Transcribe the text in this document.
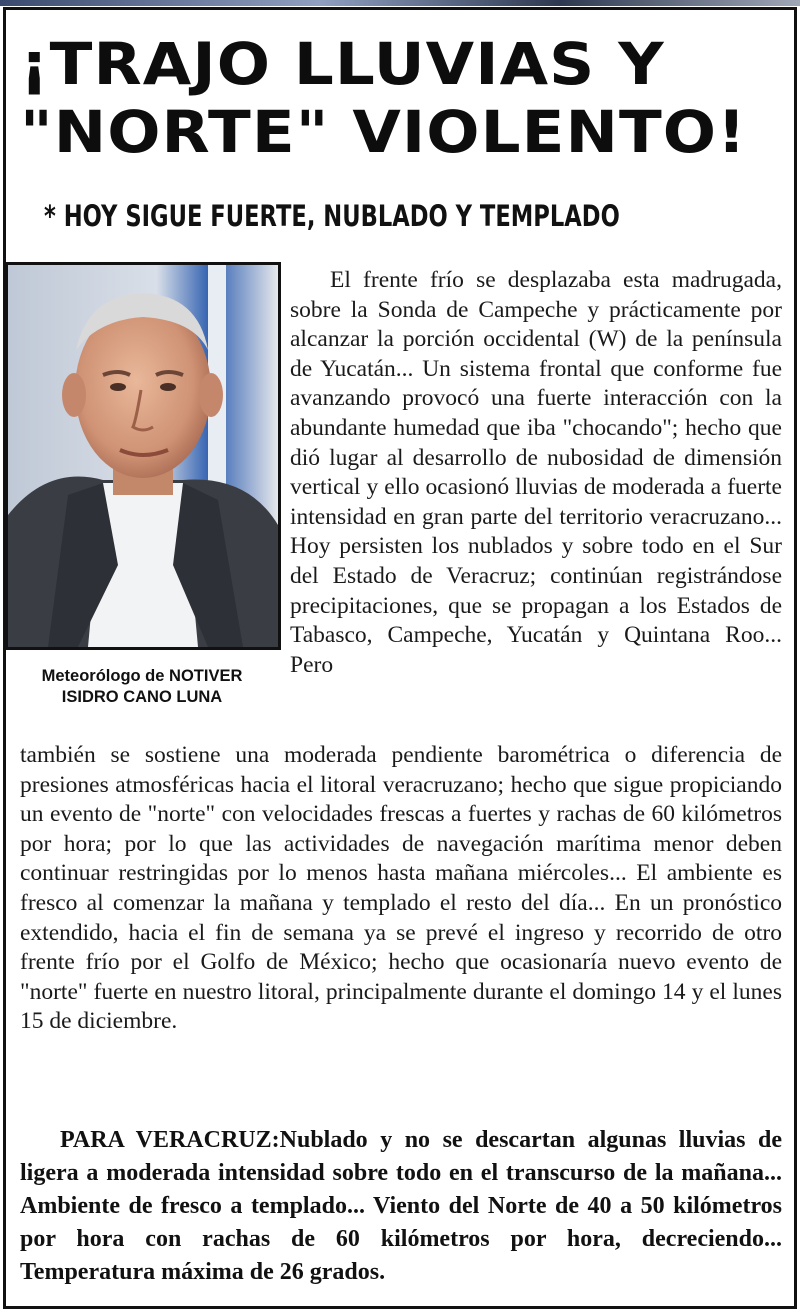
¡TRAJO LLUVIAS Y
"NORTE" VIOLENTO!
* HOY SIGUE FUERTE, NUBLADO Y TEMPLADO
Meteorólogo de NOTIVER
ISIDRO CANO LUNA

El frente frío se desplazaba esta madrugada, sobre la Sonda de Campeche y prácticamente por alcanzar la porción occidental (W) de la península de Yucatán... Un sistema frontal que conforme fue avanzando provocó una fuerte interacción con la abundante humedad que iba "chocando"; hecho que dió lugar al desarrollo de nubosidad de dimensión vertical y ello ocasionó lluvias de moderada a fuerte intensidad en gran parte del territorio veracruzano... Hoy persisten los nublados y sobre todo en el Sur del Estado de Veracruz; continúan registrándose precipitaciones, que se propagan a los Estados de Tabasco, Campeche, Yucatán y Quintana Roo... Pero

también se sostiene una moderada pendiente barométrica o diferencia de presiones atmosféricas hacia el litoral veracruzano; hecho que sigue propiciando un evento de "norte" con velocidades frescas a fuertes y rachas de 60 kilómetros por hora; por lo que las actividades de navegación marítima menor deben continuar restringidas por lo menos hasta mañana miércoles... El ambiente es fresco al comenzar la mañana y templado el resto del día... En un pronóstico extendido, hacia el fin de semana ya se prevé el ingreso y recorrido de otro frente frío por el Golfo de México; hecho que ocasionaría nuevo evento de "norte" fuerte en nuestro litoral, principalmente durante el domingo 14 y el lunes 15 de diciembre.

PARA VERACRUZ:Nublado y no se descartan algunas lluvias de ligera a moderada intensidad sobre todo en el transcurso de la mañana... Ambiente de fresco a templado... Viento del Norte de 40 a 50 kilómetros por hora con rachas de 60 kilómetros por hora, decreciendo... Temperatura máxima de 26 grados.
